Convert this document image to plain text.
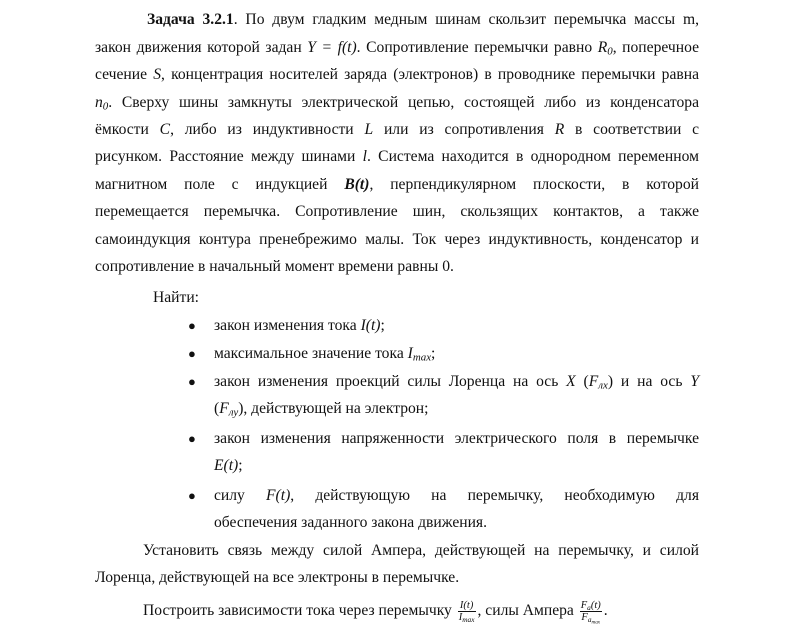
Задача 3.2.1. По двум гладким медным шинам скользит перемычка массы m,
закон движения которой задан Y = f(t). Сопротивление перемычки равно $R_0$, поперечное
сечение S, концентрация носителей заряда (электронов) в проводнике перемычки равна
$n_0$. Сверху шины замкнуты электрической цепью, состоящей либо из конденсатора
ёмкости C, либо из индуктивности L или из сопротивления R в соответствии с
рисунком. Расстояние между шинами l. Система находится в однородном переменном
магнитном поле с индукцией B(t), перпендикулярном плоскости, в которой
перемещается перемычка. Сопротивление шин, скользящих контактов, а также
самоиндукция контура пренебрежимо малы. Ток через индуктивность, конденсатор и
сопротивление в начальный момент времени равны 0.
Найти:
● закон изменения тока I(t);
● максимальное значение тока $I_{max}$;
● закон изменения проекций силы Лоренца на ось X $(F_{лх})$ и на ось Y
$(F_{лу})$, действующей на электрон;
● закон изменения напряженности электрического поля в перемычке
E(t);
● силу F(t), действующую на перемычку, необходимую для
обеспечения заданного закона движения.
Установить связь между силой Ампера, действующей на перемычку, и силой
Лоренца, действующей на все электроны в перемычке.
Построить зависимости тока через перемычку $\frac{I(t)}{I_{max}}$ , силы Ампера $\frac{F_a(t)}{F_{a_{max}}}$ .
